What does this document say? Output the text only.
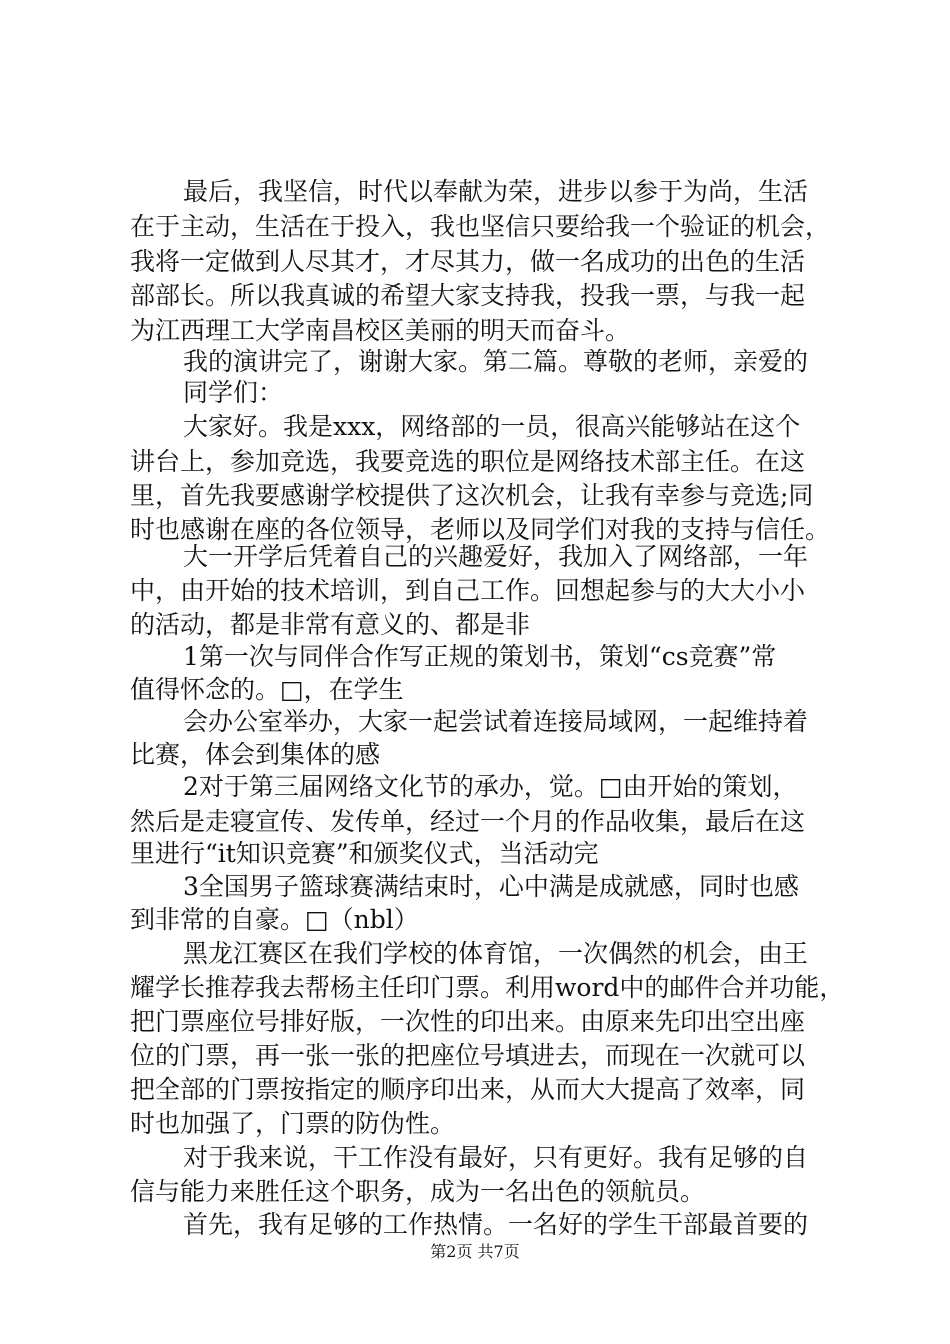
最后，我坚信，时代以奉献为荣，进步以参于为尚，生活
在于主动，生活在于投入，我也坚信只要给我一个验证的机会，
我将一定做到人尽其才，才尽其力，做一名成功的出色的生活
部部长。所以我真诚的希望大家支持我，投我一票，与我一起
为江西理工大学南昌校区美丽的明天而奋斗。
我的演讲完了，谢谢大家。第二篇。尊敬的老师，亲爱的
同学们：
大家好。我是xxx，网络部的一员，很高兴能够站在这个
讲台上，参加竞选，我要竞选的职位是网络技术部主任。在这
里，首先我要感谢学校提供了这次机会，让我有幸参与竞选;同
时也感谢在座的各位领导，老师以及同学们对我的支持与信任。
大一开学后凭着自己的兴趣爱好，我加入了网络部，一年
中，由开始的技术培训，到自己工作。回想起参与的大大小小
的活动，都是非常有意义的、都是非
1第一次与同伴合作写正规的策划书，策划“cs竞赛”常
值得怀念的。□，在学生
会办公室举办，大家一起尝试着连接局域网，一起维持着
比赛，体会到集体的感
2对于第三届网络文化节的承办，觉。□由开始的策划，
然后是走寝宣传、发传单，经过一个月的作品收集，最后在这
里进行“it知识竞赛”和颁奖仪式，当活动完
3全国男子篮球赛满结束时，心中满是成就感，同时也感
到非常的自豪。□（nbl）
黑龙江赛区在我们学校的体育馆，一次偶然的机会，由王
耀学长推荐我去帮杨主任印门票。利用word中的邮件合并功能，
把门票座位号排好版，一次性的印出来。由原来先印出空出座
位的门票，再一张一张的把座位号填进去，而现在一次就可以
把全部的门票按指定的顺序印出来，从而大大提高了效率，同
时也加强了，门票的防伪性。
对于我来说，干工作没有最好，只有更好。我有足够的自
信与能力来胜任这个职务，成为一名出色的领航员。
首先，我有足够的工作热情。一名好的学生干部最首要的
第2页 共7页
